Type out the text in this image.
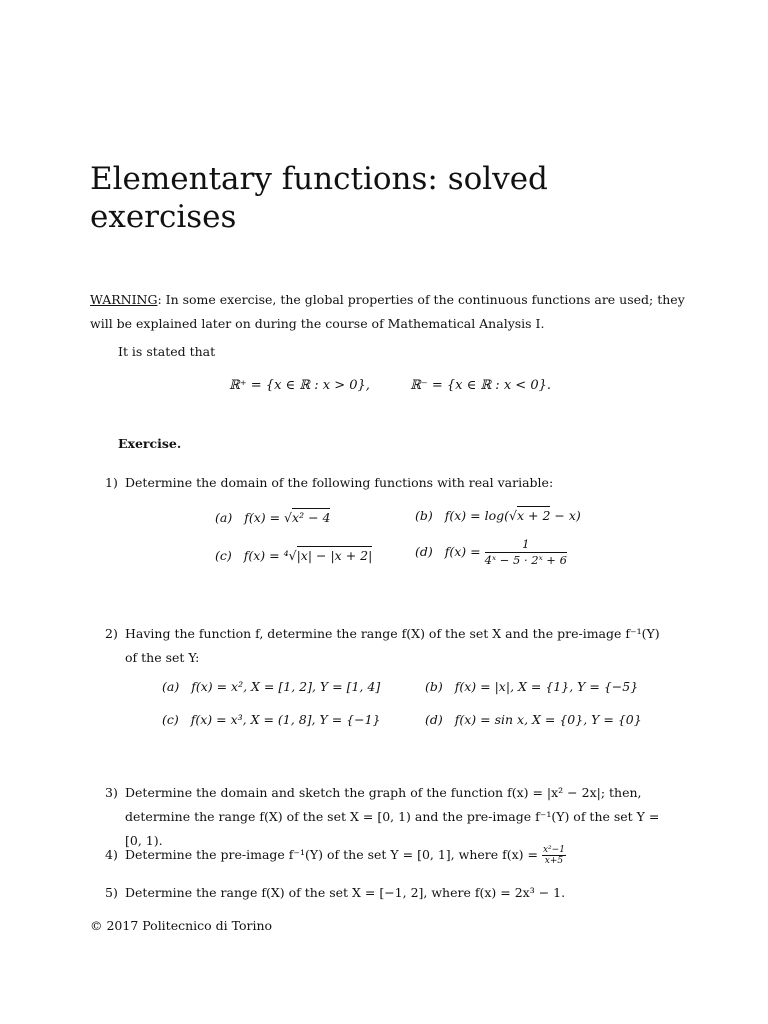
Elementary functions: solved exercises
WARNING: In some exercise, the global properties of the continuous functions are used; they will be explained later on during the course of Mathematical Analysis I.
It is stated that
ℝ⁺ = {x ∈ ℝ : x > 0},	ℝ⁻ = {x ∈ ℝ : x < 0}.
Exercise.
1) Determine the domain of the following functions with real variable:
(a) f(x) = √x² − 4	(b) f(x) = log(√x + 2 − x)
(c) f(x) = ⁴√|x| − |x + 2|	(d) $f(x) = \frac{1}{\text{4ˣ − 5 · 2ˣ + 6}}$
2) Having the function f, determine the range f(X) of the set X and the pre-image f⁻¹(Y) of the set Y:
(a) f(x) = x², X = [1, 2], Y = [1, 4]	(b) f(x) = |x|, X = {1}, Y = {−5}
(c) f(x) = x³, X = (1, 8], Y = {−1}	(d) f(x) = sin x, X = {0}, Y = {0}
3) Determine the domain and sketch the graph of the function f(x) = |x² − 2x|; then, determine the range f(X) of the set X = [0, 1) and the pre-image f⁻¹(Y) of the set Y = [0, 1).
4) Determine the pre-image f⁻¹(Y) of the set Y = [0, 1], where $f(x) = \frac{\text{x²−1}}{x+5}$
5) Determine the range f(X) of the set X = [−1, 2], where f(x) = 2x³ − 1.
© 2017 Politecnico di Torino
